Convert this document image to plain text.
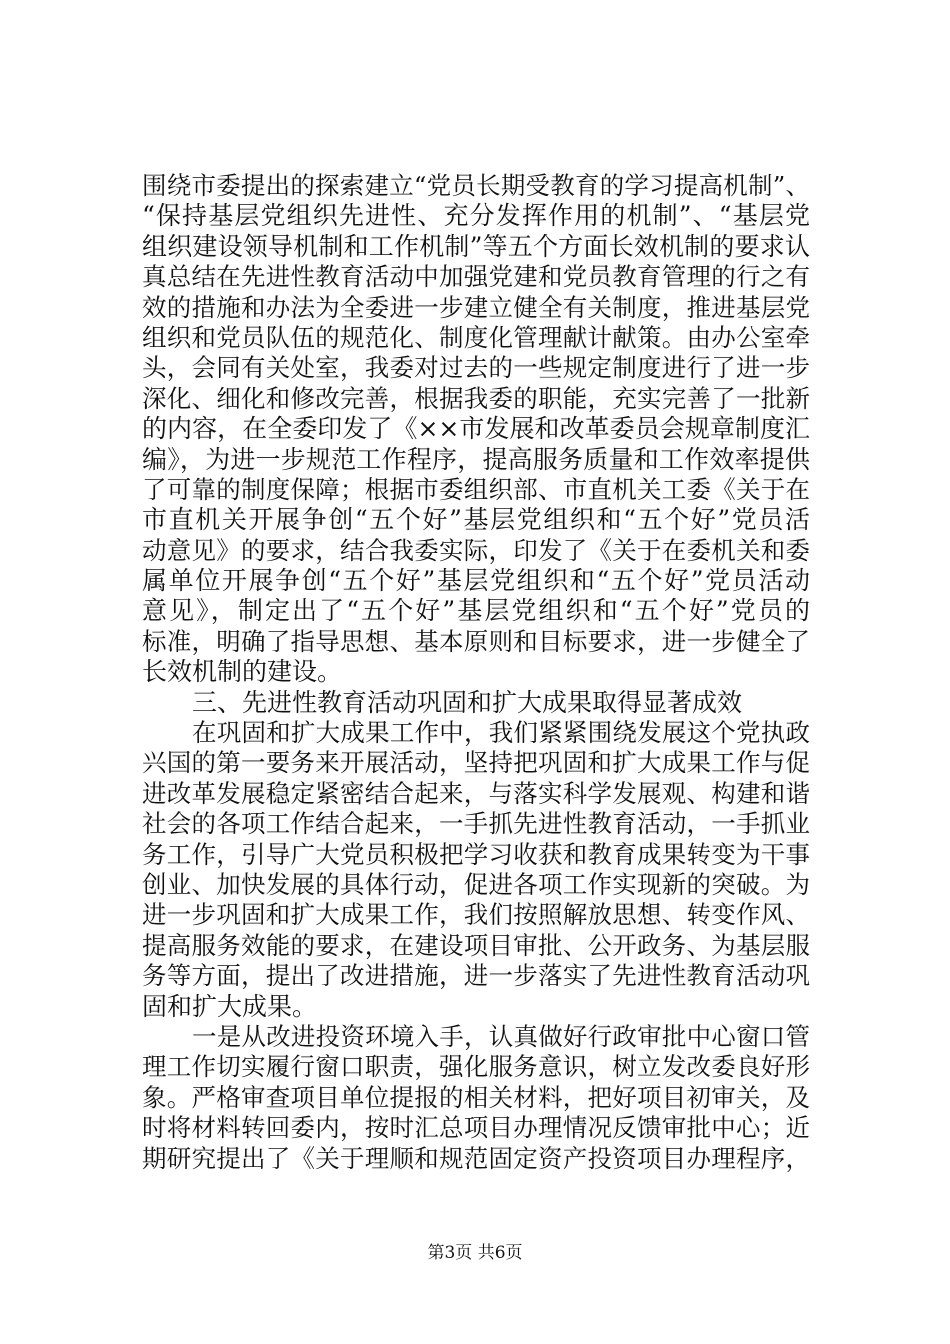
围绕市委提出的探索建立“党员长期受教育的学习提高机制”、
“保持基层党组织先进性、充分发挥作用的机制”、“基层党
组织建设领导机制和工作机制”等五个方面长效机制的要求认
真总结在先进性教育活动中加强党建和党员教育管理的行之有
效的措施和办法为全委进一步建立健全有关制度，推进基层党
组织和党员队伍的规范化、制度化管理献计献策。由办公室牵
头，会同有关处室，我委对过去的一些规定制度进行了进一步
深化、细化和修改完善，根据我委的职能，充实完善了一批新
的内容，在全委印发了《××市发展和改革委员会规章制度汇
编》，为进一步规范工作程序，提高服务质量和工作效率提供
了可靠的制度保障；根据市委组织部、市直机关工委《关于在
市直机关开展争创“五个好”基层党组织和“五个好”党员活
动意见》的要求，结合我委实际，印发了《关于在委机关和委
属单位开展争创“五个好”基层党组织和“五个好”党员活动
意见》，制定出了“五个好”基层党组织和“五个好”党员的
标准，明确了指导思想、基本原则和目标要求，进一步健全了
长效机制的建设。
三、先进性教育活动巩固和扩大成果取得显著成效
在巩固和扩大成果工作中，我们紧紧围绕发展这个党执政
兴国的第一要务来开展活动，坚持把巩固和扩大成果工作与促
进改革发展稳定紧密结合起来，与落实科学发展观、构建和谐
社会的各项工作结合起来，一手抓先进性教育活动，一手抓业
务工作，引导广大党员积极把学习收获和教育成果转变为干事
创业、加快发展的具体行动，促进各项工作实现新的突破。为
进一步巩固和扩大成果工作，我们按照解放思想、转变作风、
提高服务效能的要求，在建设项目审批、公开政务、为基层服
务等方面，提出了改进措施，进一步落实了先进性教育活动巩
固和扩大成果。
一是从改进投资环境入手，认真做好行政审批中心窗口管
理工作切实履行窗口职责，强化服务意识，树立发改委良好形
象。严格审查项目单位提报的相关材料，把好项目初审关，及
时将材料转回委内，按时汇总项目办理情况反馈审批中心；近
期研究提出了《关于理顺和规范固定资产投资项目办理程序，
第3页 共6页
